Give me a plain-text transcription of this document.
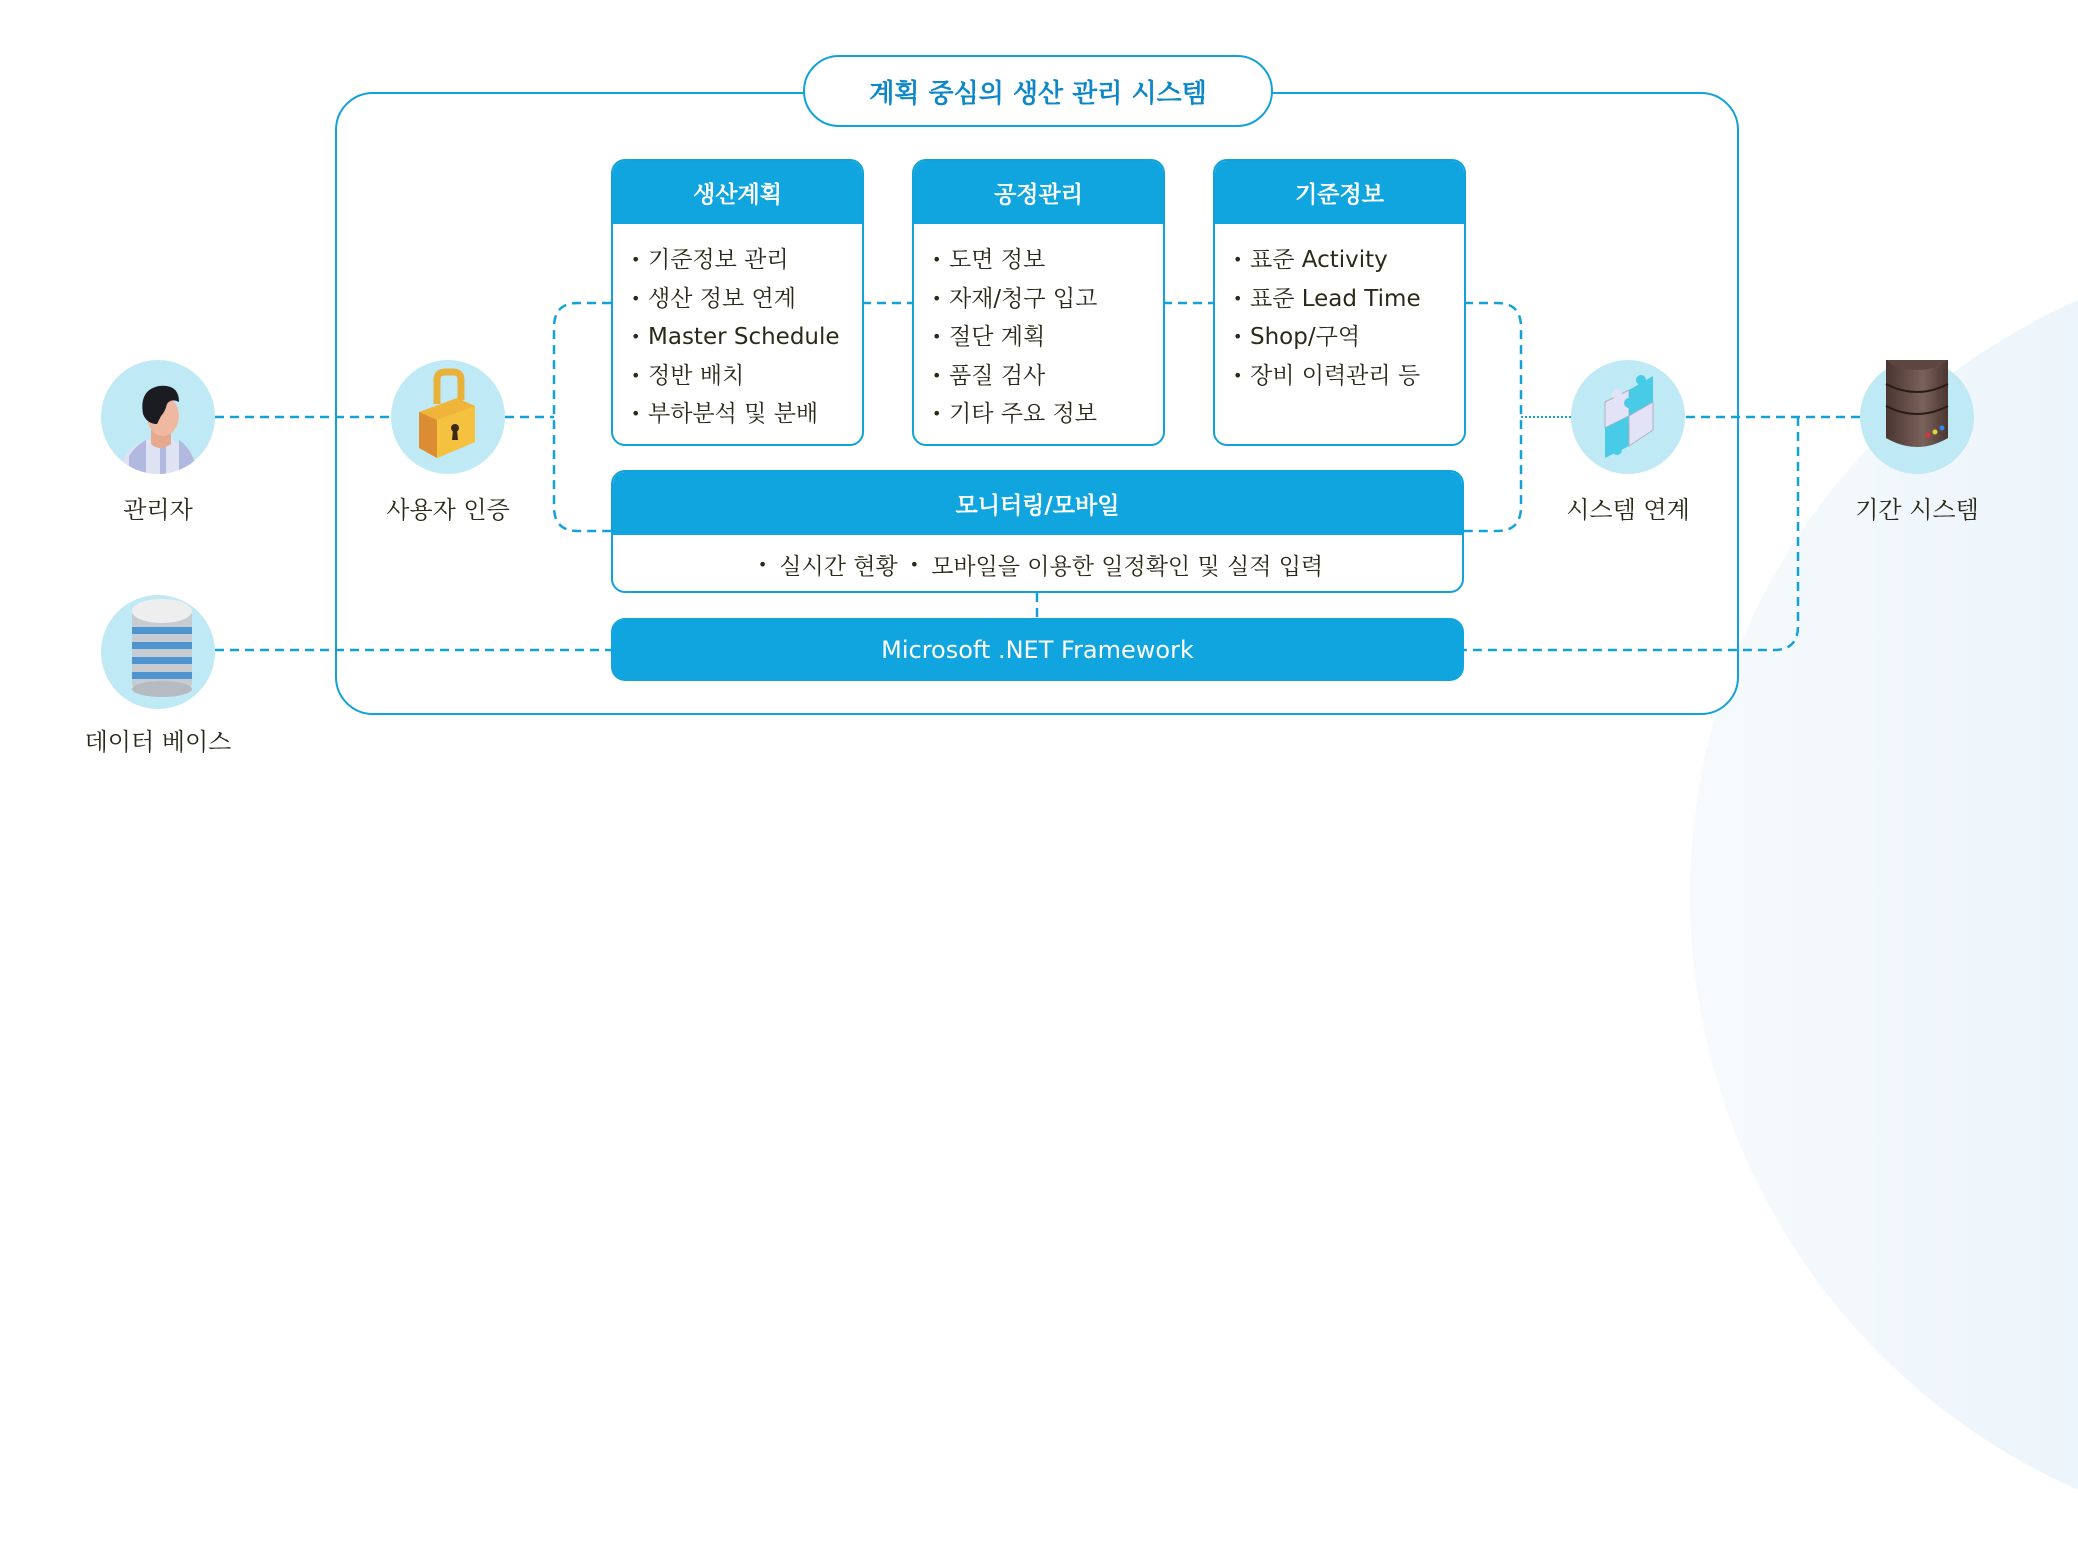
계획 중심의 생산 관리 시스템
생산계획
• 기준정보 관리
• 생산 정보 연계
• Master Schedule
• 정반 배치
• 부하분석 및 분배
공정관리
• 도면 정보
• 자재/청구 입고
• 절단 계획
• 품질 검사
• 기타 주요 정보
기준정보
• 표준 Activity
• 표준 Lead Time
• Shop/구역
• 장비 이력관리 등
모니터링/모바일
• 실시간 현황 • 모바일을 이용한 일정확인 및 실적 입력
Microsoft .NET Framework
관리자	사용자 인증
데이터 베이스
시스템 연계	기간 시스템
